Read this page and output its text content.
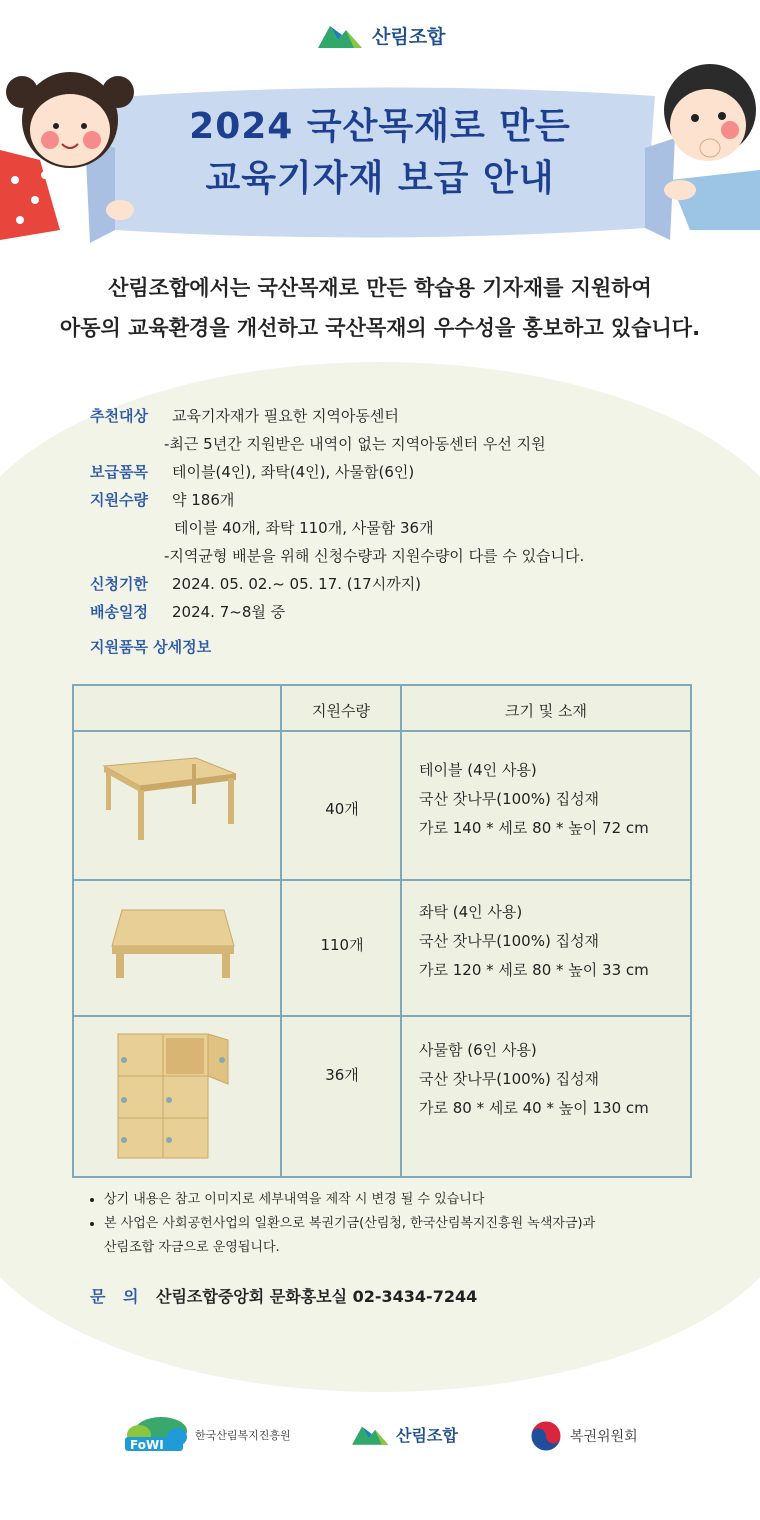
산림조합
2024 국산목재로 만든
교육기자재 보급 안내
산림조합에서는 국산목재로 만든 학습용 기자재를 지원하여
아동의 교육환경을 개선하고 국산목재의 우수성을 홍보하고 있습니다.
추천대상	교육기자재가 필요한 지역아동센터
-최근 5년간 지원받은 내역이 없는 지역아동센터 우선 지원
보급품목	테이블(4인), 좌탁(4인), 사물함(6인)
지원수량	약 186개
테이블 40개, 좌탁 110개, 사물함 36개
-지역균형 배분을 위해 신청수량과 지원수량이 다를 수 있습니다.
신청기한	2024. 05. 02.~ 05. 17. (17시까지)
배송일정	2024. 7~8월 중
지원품목 상세정보
지원수량	크기 및 소재
40개
테이블 (4인 사용)
국산 잣나무(100%) 집성재
가로 140 * 세로 80 * 높이 72 cm
110개
좌탁 (4인 사용)
국산 잣나무(100%) 집성재
가로 120 * 세로 80 * 높이 33 cm
36개
사물함 (6인 사용)
국산 잣나무(100%) 집성재
가로 80 * 세로 40 * 높이 130 cm
• 상기 내용은 참고 이미지로 세부내역을 제작 시 변경 될 수 있습니다
• 본 사업은 사회공헌사업의 일환으로 복권기금(산림청, 한국산림복지진흥원 녹색자금)과
산림조합 자금으로 운영됩니다.
문 의 산림조합중앙회 문화홍보실 02-3434-7244
FoWI
한국산림복지진흥원	산림조합	복권위원회
